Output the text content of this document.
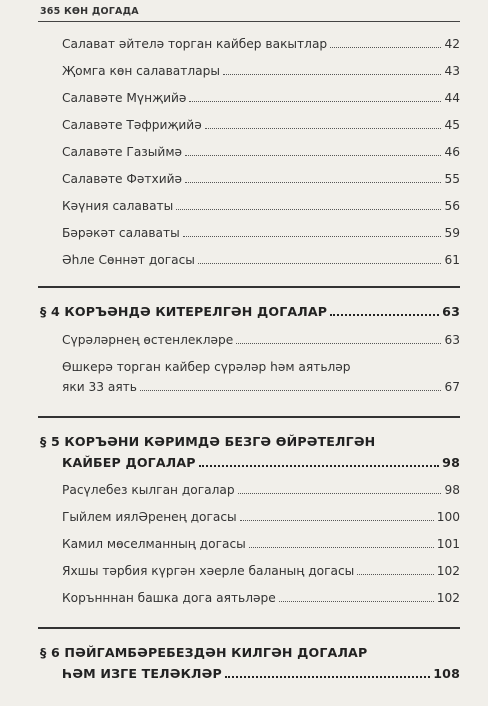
365 КӨН ДОГАДА
Салават әйтелә торган кайбер вакытлар	42
Җомга көн салаватлары	43
Салавәте Мүнҗийә	44
Салавәте Тәфриҗийә	45
Салавәте Газыймә	46
Салавәте Фәтхийә	55
Кәүния салаваты	56
Бәрәкәт салаваты	59
Әһле Сөннәт догасы	61
§ 4 КОРЪӘНДӘ КИТЕРЕЛГӘН ДОГАЛАР	63
Сүрәләрнең өстенлекләре	63
Өшкерә торган кайбер сүрәләр һәм аятьләр
яки 33 аять	67
§ 5 КОРЪӘНИ КӘРИМДӘ БЕЗГӘ ӨЙРӘТЕЛГӘН
КАЙБЕР ДОГАЛАР	98
Расүлебез кылган догалар	98
Гыйлем иялӘренең догасы	100
Камил мөселманның догасы	101
Яхшы тәрбия күргән хәерле баланың догасы	102
Корънннан башка дога аятьләре	102
§ 6 ПӘЙГАМБӘРЕБЕЗДӘН КИЛГӘН ДОГАЛАР
ҺӘМ ИЗГЕ ТЕЛӘКЛӘР	108
